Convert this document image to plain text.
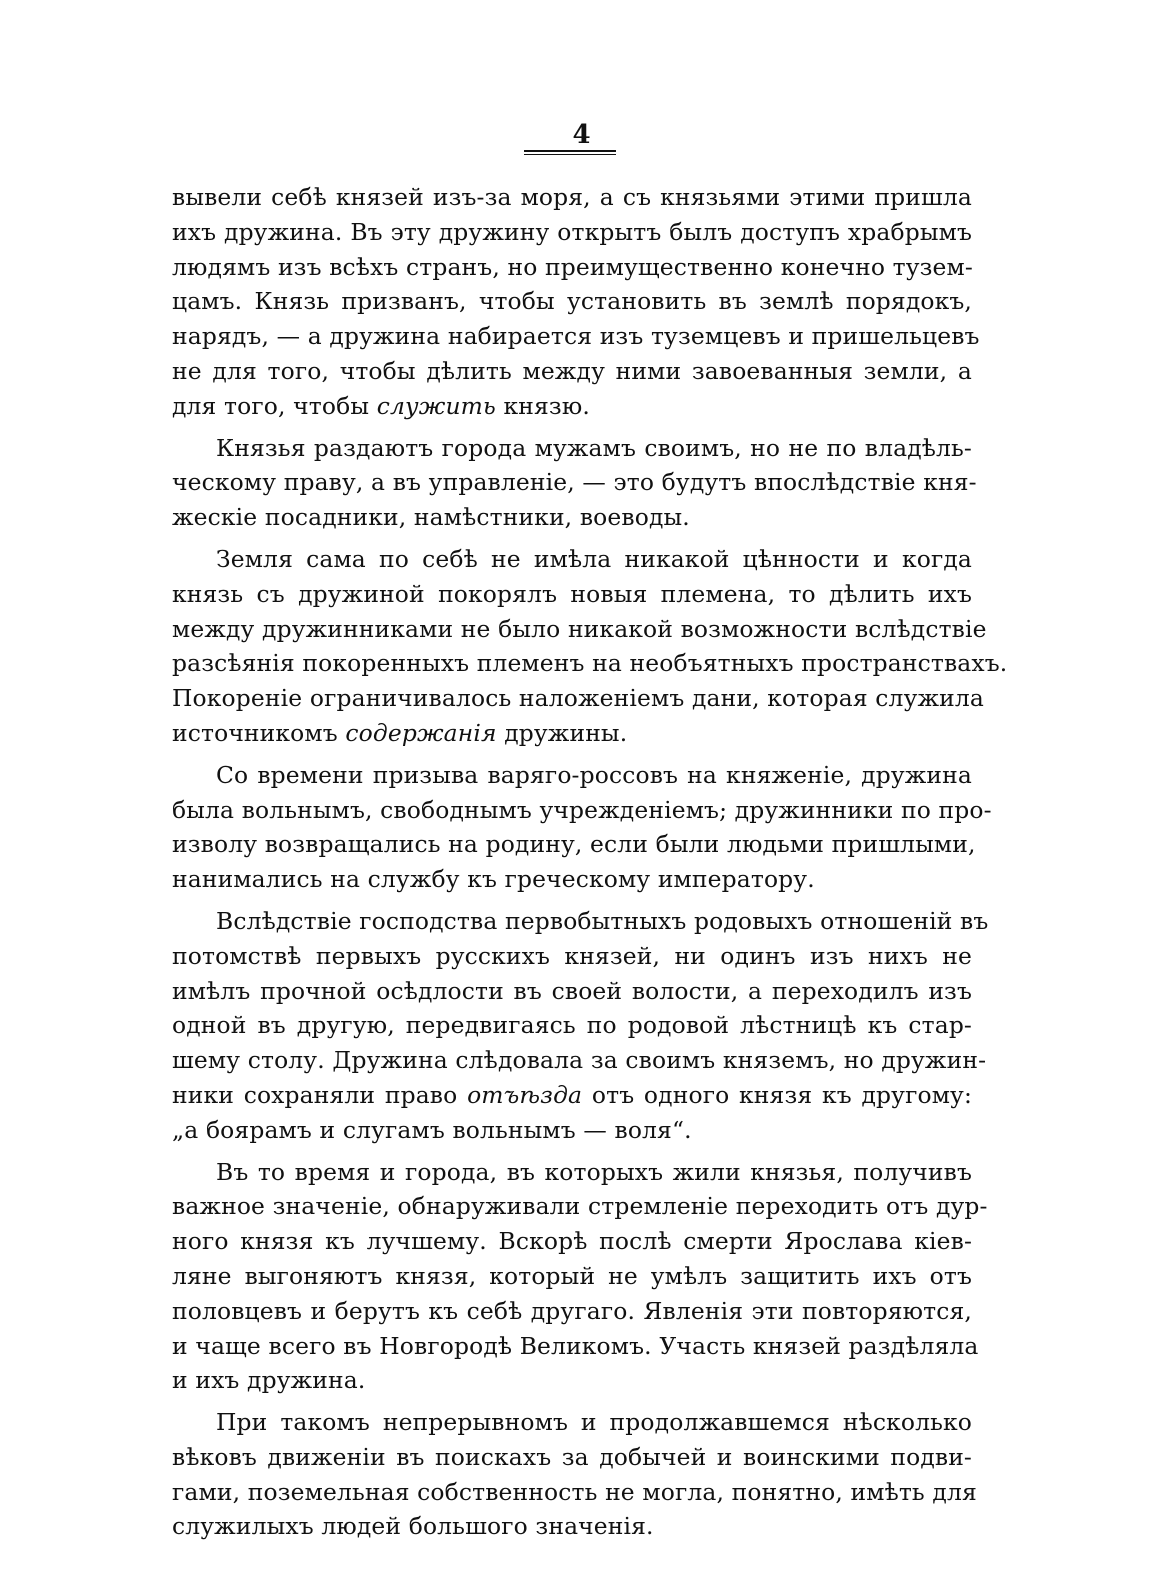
4
вывели себѣ князей изъ-за моря, а съ князьями этими пришла
ихъ дружина. Въ эту дружину открытъ былъ доступъ храбрымъ
людямъ изъ всѣхъ странъ, но преимущественно конечно тузем-
цамъ. Князь призванъ, чтобы установить въ землѣ порядокъ,
нарядъ, — а дружина набирается изъ туземцевъ и пришельцевъ
не для того, чтобы дѣлить между ними завоеванныя земли, а
для того, чтобы служить князю.
Князья раздаютъ города мужамъ своимъ, но не по владѣль-
ческому праву, а въ управленіе, — это будутъ впослѣдствіе кня-
жескіе посадники, намѣстники, воеводы.
Земля сама по себѣ не имѣла никакой цѣнности и когда
князь съ дружиной покорялъ новыя племена, то дѣлить ихъ
между дружинниками не было никакой возможности вслѣдствіе
разсѣянія покоренныхъ племенъ на необъятныхъ пространствахъ.
Покореніе ограничивалось наложеніемъ дани, которая служила
источникомъ содержанія дружины.
Со времени призыва варяго-россовъ на княженіе, дружина
была вольнымъ, свободнымъ учрежденіемъ; дружинники по про-
изволу возвращались на родину, если были людьми пришлыми,
нанимались на службу къ греческому императору.
Вслѣдствіе господства первобытныхъ родовыхъ отношеній въ
потомствѣ первыхъ русскихъ князей, ни одинъ изъ нихъ не
имѣлъ прочной осѣдлости въ своей волости, а переходилъ изъ
одной въ другую, передвигаясь по родовой лѣстницѣ къ стар-
шему столу. Дружина слѣдовала за своимъ княземъ, но дружин-
ники сохраняли право отъѣзда отъ одного князя къ другому:
„а боярамъ и слугамъ вольнымъ — воля“.
Въ то время и города, въ которыхъ жили князья, получивъ
важное значеніе, обнаруживали стремленіе переходить отъ дур-
ного князя къ лучшему. Вскорѣ послѣ смерти Ярослава кіев-
ляне выгоняютъ князя, который не умѣлъ защитить ихъ отъ
половцевъ и берутъ къ себѣ другаго. Явленія эти повторяются,
и чаще всего въ Новгородѣ Великомъ. Участь князей раздѣляла
и ихъ дружина.
При такомъ непрерывномъ и продолжавшемся нѣсколько
вѣковъ движеніи въ поискахъ за добычей и воинскими подви-
гами, поземельная собственность не могла, понятно, имѣть для
служилыхъ людей большого значенія.
